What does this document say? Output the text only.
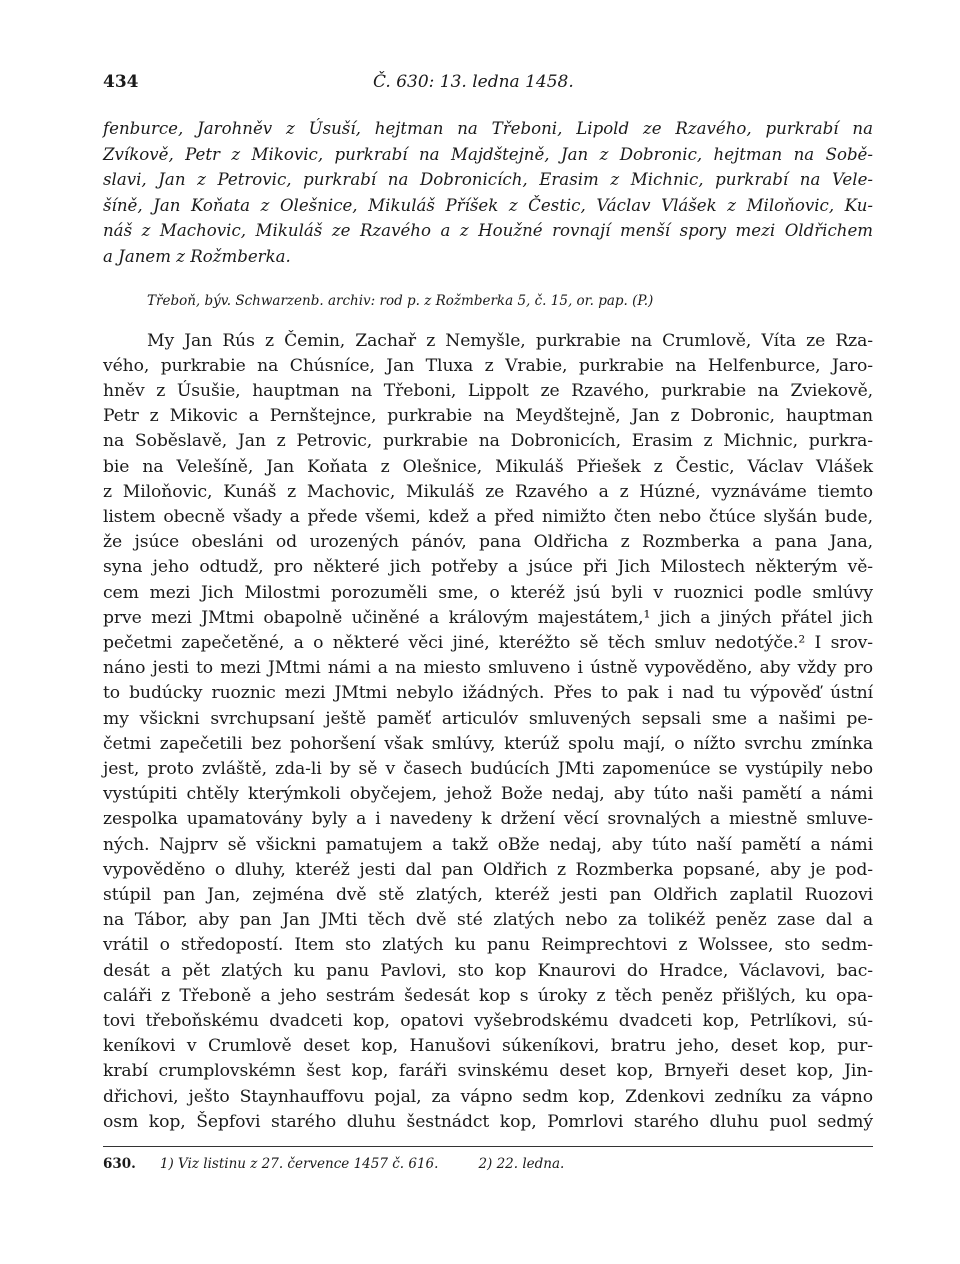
434	Č. 630: 13. ledna 1458.
fenburce, Jarohněv z Úsuší, hejtman na Třeboni, Lipold ze Rzavého, purkrabí na
Zvíkově, Petr z Mikovic, purkrabí na Majdštejně, Jan z Dobronic, hejtman na Sobě-
slavi, Jan z Petrovic, purkrabí na Dobronicích, Erasim z Michnic, purkrabí na Vele-
šíně, Jan Koňata z Olešnice, Mikuláš Příšek z Čestic, Václav Vlášek z Miloňovic, Ku-
náš z Machovic, Mikuláš ze Rzavého a z Houžné rovnají menší spory mezi Oldřichem
a Janem z Rožmberka.
Třeboň, býv. Schwarzenb. archiv: rod p. z Rožmberka 5, č. 15, or. pap. (P.)
My Jan Rús z Čemin, Zachař z Nemyšle, purkrabie na Crumlově, Víta ze Rza-
vého, purkrabie na Chúsníce, Jan Tluxa z Vrabie, purkrabie na Helfenburce, Jaro-
hněv z Úsušie, hauptman na Třeboni, Lippolt ze Rzavého, purkrabie na Zviekově,
Petr z Mikovic a Pernštejnce, purkrabie na Meydštejně, Jan z Dobronic, hauptman
na Soběslavě, Jan z Petrovic, purkrabie na Dobronicích, Erasim z Michnic, purkra-
bie na Velešíně, Jan Koňata z Olešnice, Mikuláš Přiešek z Čestic, Václav Vlášek
z Miloňovic, Kunáš z Machovic, Mikuláš ze Rzavého a z Húzné, vyznáváme tiemto
listem obecně všady a přede všemi, kdež a před nimižto čten nebo čtúce slyšán bude,
že jsúce obesláni od urozených pánóv, pana Oldřicha z Rozmberka a pana Jana,
syna jeho odtudž, pro některé jich potřeby a jsúce při Jich Milostech některým vě-
cem mezi Jich Milostmi porozuměli sme, o kteréž jsú byli v ruoznici podle smlúvy
prve mezi JMtmi obapolně učiněné a královým majestátem,¹ jich a jiných přátel jich
pečetmi zapečetěné, a o některé věci jiné, kteréžto sě těch smluv nedotýče.² I srov-
náno jesti to mezi JMtmi námi a na miesto smluveno i ústně vypověděno, aby vždy pro
to budúcky ruoznic mezi JMtmi nebylo ižádných. Přes to pak i nad tu výpověď ústní
my všickni svrchupsaní ještě paměť articulóv smluvených sepsali sme a našimi pe-
četmi zapečetili bez pohoršení však smlúvy, kterúž spolu mají, o nížto svrchu zmínka
jest, proto zvláště, zda-li by sě v časech budúcích JMti zapomenúce se vystúpily nebo
vystúpiti chtěly kterýmkoli obyčejem, jehož Bože nedaj, aby túto naši pamětí a námi
zespolka upamatovány byly a i navedeny k držení věcí srovnalých a miestně smluve-
ných. Najprv sě všickni pamatujem a takž oBže nedaj, aby túto naší pamětí a námi
vypověděno o dluhy, kteréž jesti dal pan Oldřich z Rozmberka popsané, aby je pod-
stúpil pan Jan, zejména dvě stě zlatých, kteréž jesti pan Oldřich zaplatil Ruozovi
na Tábor, aby pan Jan JMti těch dvě sté zlatých nebo za tolikéž peněz zase dal a
vrátil o středopostí. Item sto zlatých ku panu Reimprechtovi z Wolssee, sto sedm-
desát a pět zlatých ku panu Pavlovi, sto kop Knaurovi do Hradce, Václavovi, bac-
caláři z Třeboně a jeho sestrám šedesát kop s úroky z těch peněz přišlých, ku opa-
tovi třeboňskému dvadceti kop, opatovi vyšebrodskému dvadceti kop, Petrlíkovi, sú-
keníkovi v Crumlově deset kop, Hanušovi súkeníkovi, bratru jeho, deset kop, pur-
krabí crumplovskémn šest kop, faráři svinskému deset kop, Brnyeři deset kop, Jin-
dřichovi, ješto Staynhauffovu pojal, za vápno sedm kop, Zdenkovi zedníku za vápno
osm kop, Šepfovi starého dluhu šestnádct kop, Pomrlovi starého dluhu puol sedmý
630. 1) Viz listinu z 27. července 1457 č. 616.	2) 22. ledna.
